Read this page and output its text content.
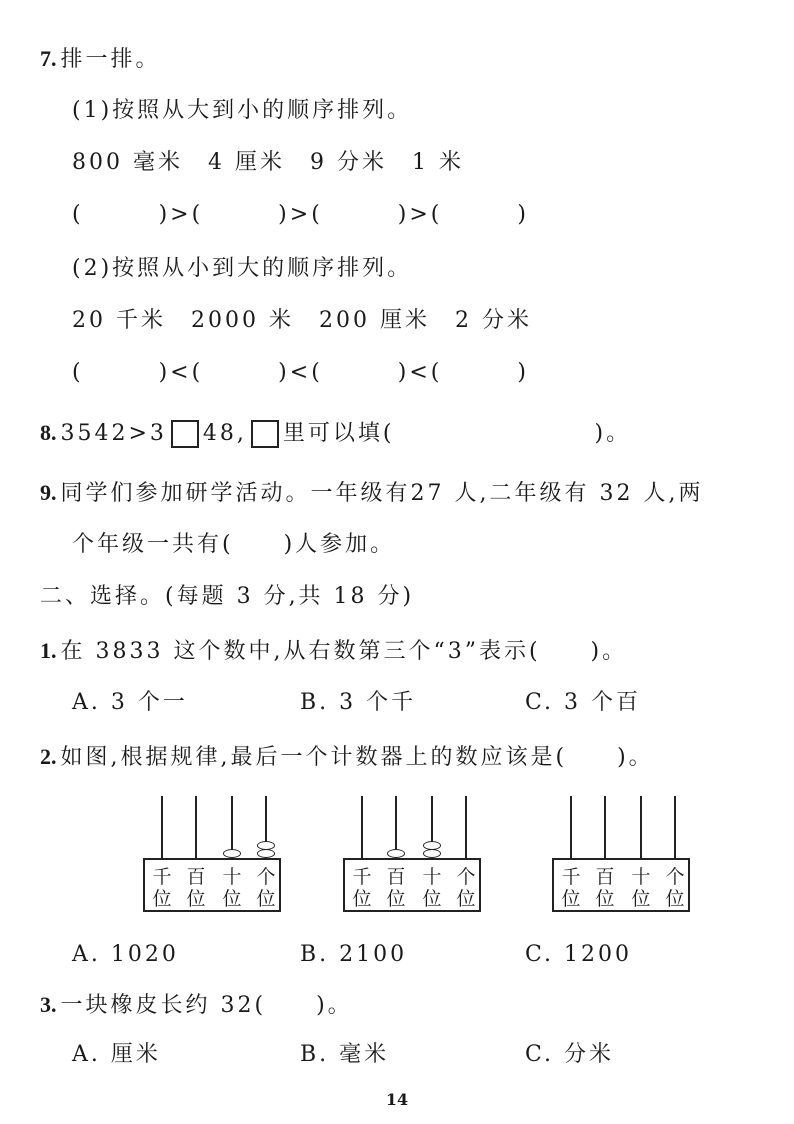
7. 排一排。
(1)按照从大到小的顺序排列。
800 毫米　4 厘米　9 分米　1 米
(　　　)>(　　　)>(　　　)>(　　　)
(2)按照从小到大的顺序排列。
20 千米　2000 米　200 厘米　2 分米
(　　　)<(　　　)<(　　　)<(　　　)
8. 3542>3 48, 里可以填(　　　　　　　　)。
9. 同学们参加研学活动。一年级有27 人,二年级有 32 人,两
个年级一共有(　　)人参加。
二、选择。(每题 3 分,共 18 分)
1. 在 3833 这个数中,从右数第三个“3”表示(　　)。
A. 3 个一	B. 3 个千	C. 3 个百
2. 如图,根据规律,最后一个计数器上的数应该是(　　)。
千
位
百
位
十
位
个
位
千
位
百
位
十
位
个
位
千
位
百
位
十
位
个
位
A. 1020	B. 2100	C. 1200
3. 一块橡皮长约 32(　　)。
A. 厘米	B. 毫米	C. 分米
14
